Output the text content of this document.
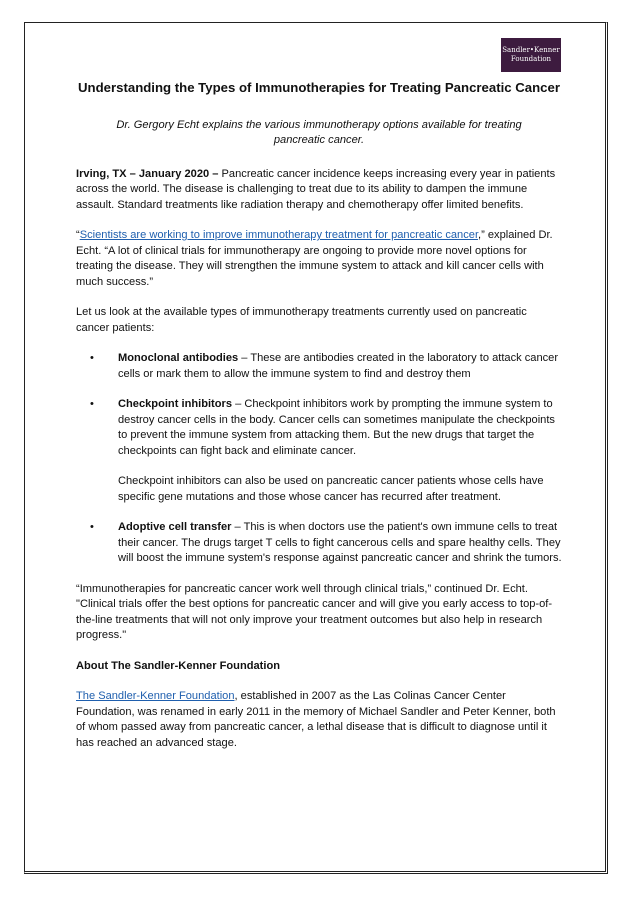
Sandler•Kenner
Foundation
Understanding the Types of Immunotherapies for Treating Pancreatic Cancer
Dr. Gergory Echt explains the various immunotherapy options available for treating pancreatic cancer.

Irving, TX – January 2020 – Pancreatic cancer incidence keeps increasing every year in patients across the world. The disease is challenging to treat due to its ability to dampen the immune assault. Standard treatments like radiation therapy and chemotherapy offer limited benefits.

“Scientists are working to improve immunotherapy treatment for pancreatic cancer,” explained Dr. Echt. “A lot of clinical trials for immunotherapy are ongoing to provide more novel options for treating the disease. They will strengthen the immune system to attack and kill cancer cells with much success.”

Let us look at the available types of immunotherapy treatments currently used on pancreatic cancer patients:

• Monoclonal antibodies – These are antibodies created in the laboratory to attack cancer cells or mark them to allow the immune system to find and destroy them
• Checkpoint inhibitors – Checkpoint inhibitors work by prompting the immune system to destroy cancer cells in the body. Cancer cells can sometimes manipulate the checkpoints to prevent the immune system from attacking them. But the new drugs that target the checkpoints can fight back and eliminate cancer.
Checkpoint inhibitors can also be used on pancreatic cancer patients whose cells have specific gene mutations and those whose cancer has recurred after treatment.
• Adoptive cell transfer – This is when doctors use the patient's own immune cells to treat their cancer. The drugs target T cells to fight cancerous cells and spare healthy cells. They will boost the immune system's response against pancreatic cancer and shrink the tumors.

“Immunotherapies for pancreatic cancer work well through clinical trials,” continued Dr. Echt. "Clinical trials offer the best options for pancreatic cancer and will give you early access to top-of-the-line treatments that will not only improve your treatment outcomes but also help in research progress."

About The Sandler-Kenner Foundation

The Sandler-Kenner Foundation, established in 2007 as the Las Colinas Cancer Center Foundation, was renamed in early 2011 in the memory of Michael Sandler and Peter Kenner, both of whom passed away from pancreatic cancer, a lethal disease that is difficult to diagnose until it has reached an advanced stage.
